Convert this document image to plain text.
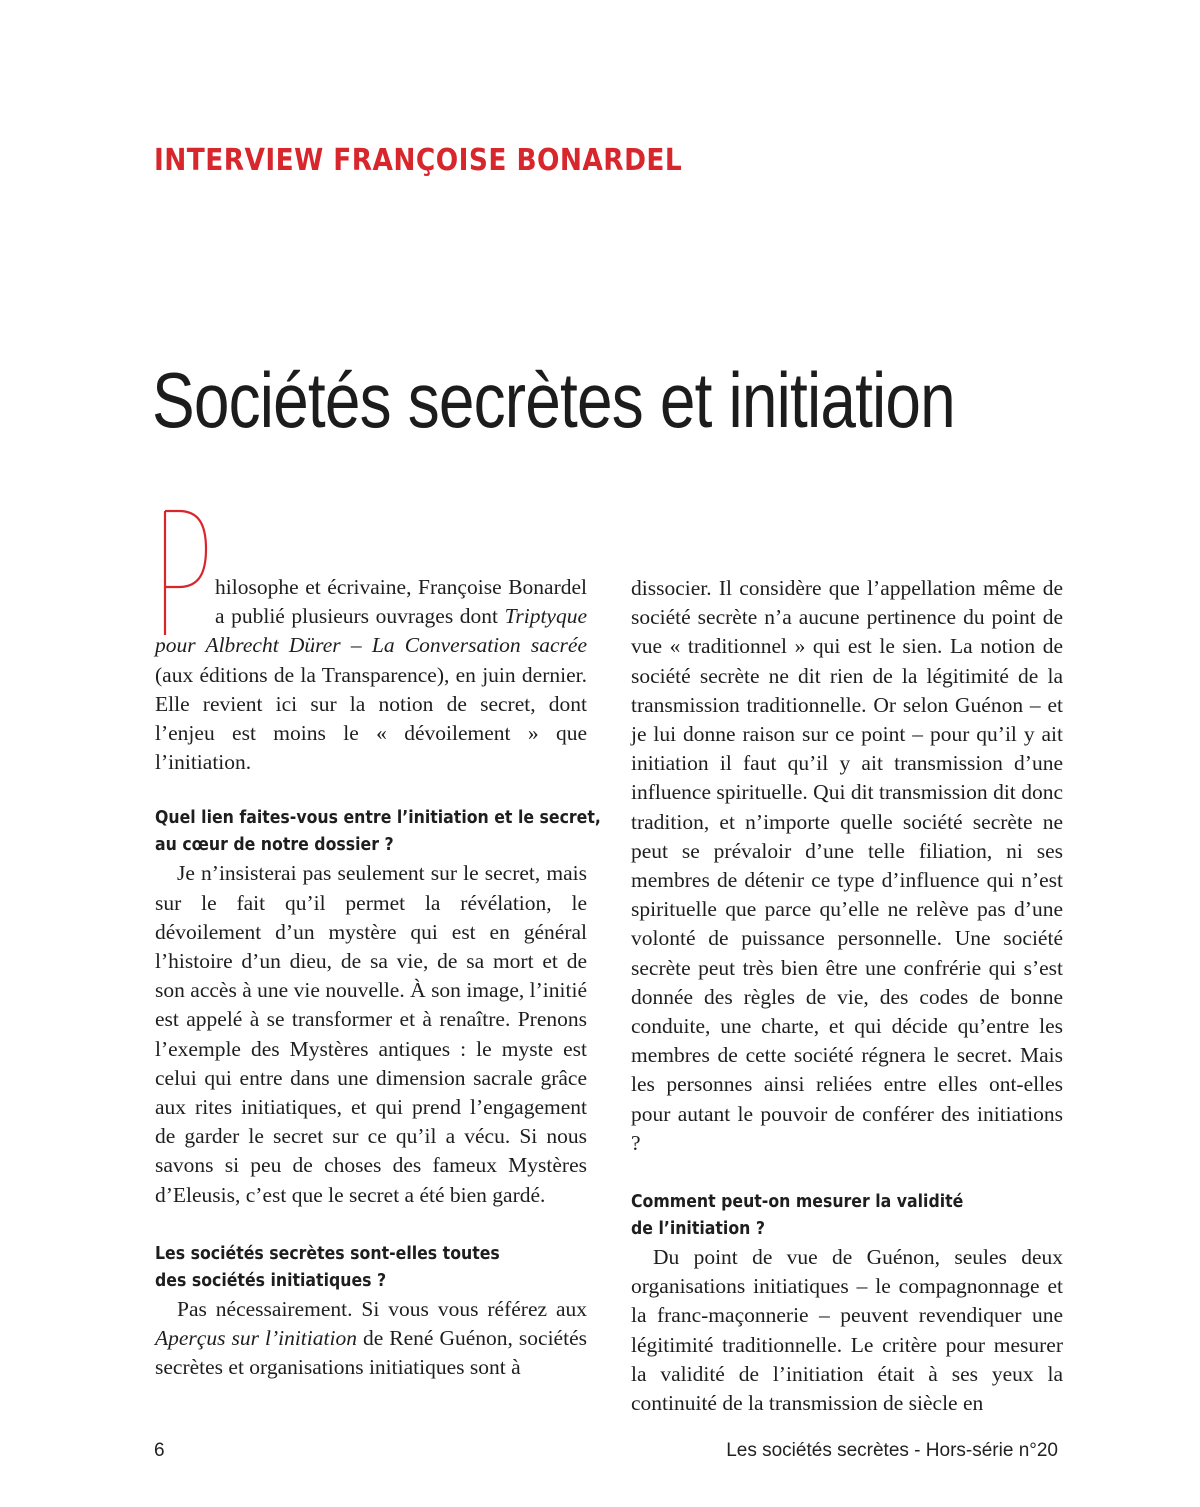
INTERVIEW FRANÇOISE BONARDEL
Sociétés secrètes et initiation

hilosophe et écrivaine, Françoise Bonardel a publié plusieurs ouvrages dont Triptyque pour Albrecht Dürer – La Conversation sacrée (aux éditions de la Transparence), en juin dernier. Elle revient ici sur la notion de secret, dont l’enjeu est moins le « dévoilement » que l’initiation.

Quel lien faites-vous entre l’initiation et le secret,

au cœur de notre dossier ?

Je n’insisterai pas seulement sur le secret, mais sur le fait qu’il permet la révélation, le dévoilement d’un mystère qui est en général l’histoire d’un dieu, de sa vie, de sa mort et de son accès à une vie nouvelle. À son image, l’initié est appelé à se transformer et à renaître. Prenons l’exemple des Mystères antiques : le myste est celui qui entre dans une dimension sacrale grâce aux rites initiatiques, et qui prend l’engagement de garder le secret sur ce qu’il a vécu. Si nous savons si peu de choses des fameux Mystères d’Eleusis, c’est que le secret a été bien gardé.

Les sociétés secrètes sont-elles toutes

des sociétés initiatiques ?

Pas nécessairement. Si vous vous référez aux Aperçus sur l’initiation de René Guénon, sociétés secrètes et organisations initiatiques sont à

dissocier. Il considère que l’appellation même de société secrète n’a aucune pertinence du point de vue « traditionnel » qui est le sien. La notion de société secrète ne dit rien de la légitimité de la transmission traditionnelle. Or selon Guénon – et je lui donne raison sur ce point – pour qu’il y ait initiation il faut qu’il y ait transmission d’une influence spirituelle. Qui dit transmission dit donc tradition, et n’importe quelle société secrète ne peut se prévaloir d’une telle filiation, ni ses membres de détenir ce type d’influence qui n’est spirituelle que parce qu’elle ne relève pas d’une volonté de puissance personnelle. Une société secrète peut très bien être une confrérie qui s’est donnée des règles de vie, des codes de bonne conduite, une charte, et qui décide qu’entre les membres de cette société régnera le secret. Mais les personnes ainsi reliées entre elles ont-elles pour autant le pouvoir de conférer des initiations ?

Comment peut-on mesurer la validité

de l’initiation ?

Du point de vue de Guénon, seules deux organisations initiatiques – le compagnonnage et la franc-maçonnerie – peuvent revendiquer une légitimité traditionnelle. Le critère pour mesurer la validité de l’initiation était à ses yeux la continuité de la transmission de siècle en

6	Les sociétés secrètes - Hors-série n°20
